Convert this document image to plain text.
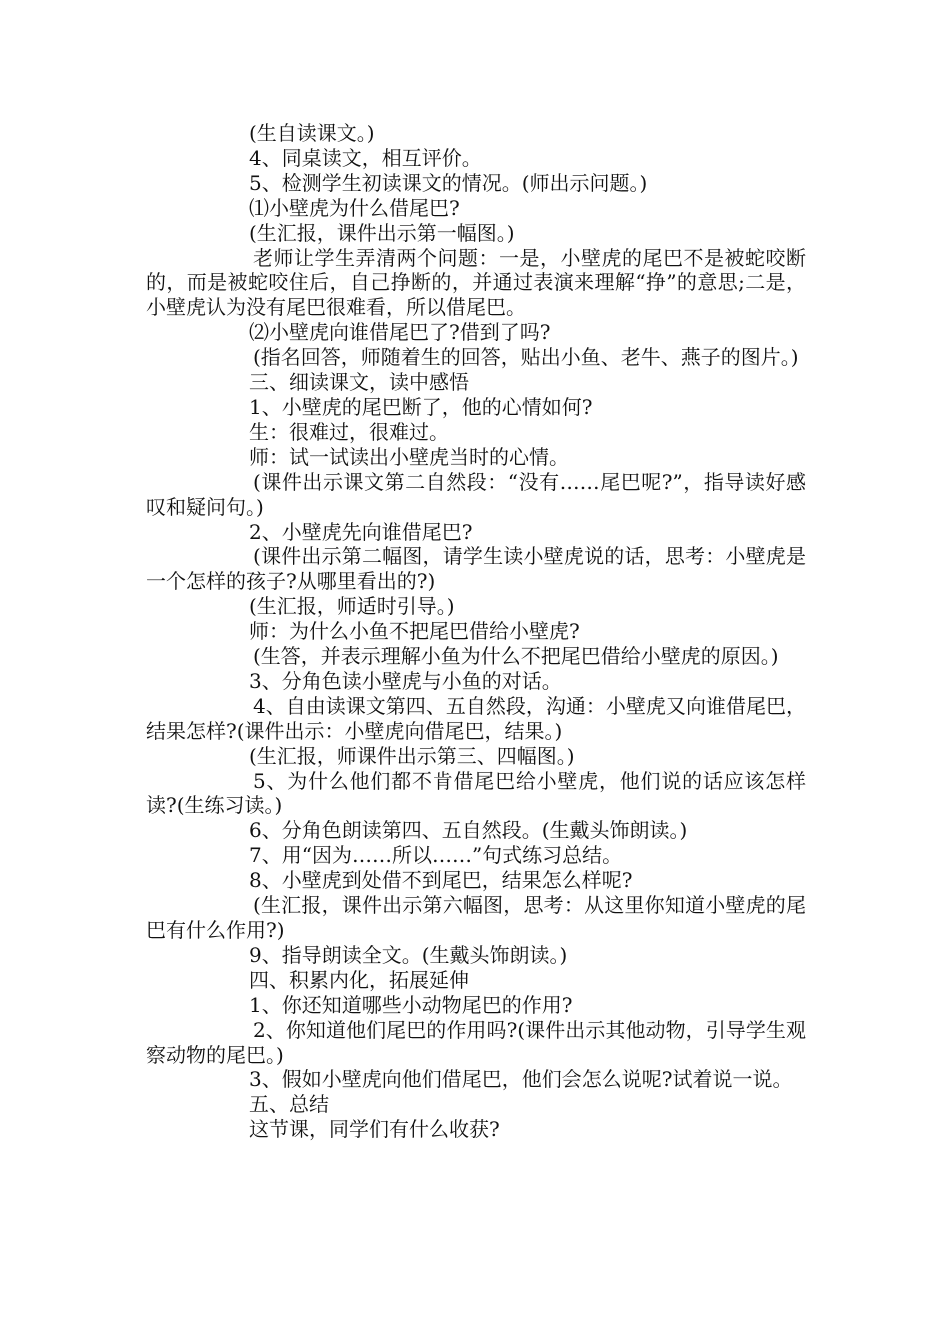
(生自读课文。)

4、同桌读文，相互评价。

5、检测学生初读课文的情况。(师出示问题。)

⑴小壁虎为什么借尾巴?

(生汇报，课件出示第一幅图。)

老师让学生弄清两个问题：一是，小壁虎的尾巴不是被蛇咬断的，而是被蛇咬住后，自己挣断的，并通过表演来理解“挣”的意思;二是，小壁虎认为没有尾巴很难看，所以借尾巴。

⑵小壁虎向谁借尾巴了?借到了吗?

(指名回答，师随着生的回答，贴出小鱼、老牛、燕子的图片。)

三、细读课文，读中感悟

1、小壁虎的尾巴断了，他的心情如何?

生：很难过，很难过。

师：试一试读出小壁虎当时的心情。

(课件出示课文第二自然段：“没有……尾巴呢?”，指导读好感叹和疑问句。)

2、小壁虎先向谁借尾巴?

(课件出示第二幅图，请学生读小壁虎说的话，思考：小壁虎是一个怎样的孩子?从哪里看出的?)

(生汇报，师适时引导。)

师：为什么小鱼不把尾巴借给小壁虎?

(生答，并表示理解小鱼为什么不把尾巴借给小壁虎的原因。)

3、分角色读小壁虎与小鱼的对话。

4、自由读课文第四、五自然段，沟通：小壁虎又向谁借尾巴，结果怎样?(课件出示：小壁虎向借尾巴，结果。)

(生汇报，师课件出示第三、四幅图。)

5、为什么他们都不肯借尾巴给小壁虎，他们说的话应该怎样读?(生练习读。)

6、分角色朗读第四、五自然段。(生戴头饰朗读。)

7、用“因为……所以……”句式练习总结。

8、小壁虎到处借不到尾巴，结果怎么样呢?

(生汇报，课件出示第六幅图，思考：从这里你知道小壁虎的尾巴有什么作用?)

9、指导朗读全文。(生戴头饰朗读。)

四、积累内化，拓展延伸

1、你还知道哪些小动物尾巴的作用?

2、你知道他们尾巴的作用吗?(课件出示其他动物，引导学生观察动物的尾巴。)

3、假如小壁虎向他们借尾巴，他们会怎么说呢?试着说一说。

五、总结

这节课，同学们有什么收获?
